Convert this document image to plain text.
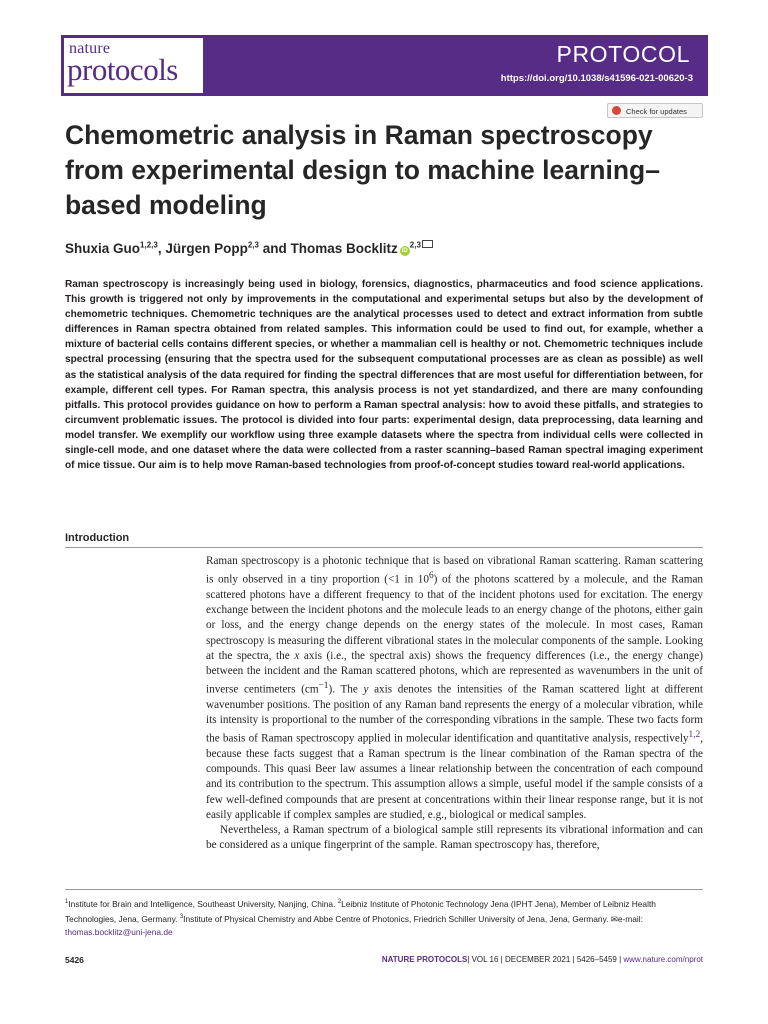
nature
protocols	PROTOCOL
https://doi.org/10.1038/s41596-021-00620-3
Check for updates
Chemometric analysis in Raman spectroscopy from experimental design to machine learning–based modeling
Shuxia Guo$^{1,2,3}$, Jürgen Popp$^{2,3}$ and Thomas Bocklitz iD$^{2,3}$

Raman spectroscopy is increasingly being used in biology, forensics, diagnostics, pharmaceutics and food science applications. This growth is triggered not only by improvements in the computational and experimental setups but also by the development of chemometric techniques. Chemometric techniques are the analytical processes used to detect and extract information from subtle differences in Raman spectra obtained from related samples. This information could be used to find out, for example, whether a mixture of bacterial cells contains different species, or whether a mammalian cell is healthy or not. Chemometric techniques include spectral processing (ensuring that the spectra used for the subsequent computational processes are as clean as possible) as well as the statistical analysis of the data required for finding the spectral differences that are most useful for differentiation between, for example, different cell types. For Raman spectra, this analysis process is not yet standardized, and there are many confounding pitfalls. This protocol provides guidance on how to perform a Raman spectral analysis: how to avoid these pitfalls, and strategies to circumvent problematic issues. The protocol is divided into four parts: experimental design, data preprocessing, data learning and model transfer. We exemplify our workflow using three example datasets where the spectra from individual cells were collected in single-cell mode, and one dataset where the data were collected from a raster scanning–based Raman spectral imaging experiment of mice tissue. Our aim is to help move Raman-based technologies from proof-of-concept studies toward real-world applications.

Introduction

Raman spectroscopy is a photonic technique that is based on vibrational Raman scattering. Raman scattering is only observed in a tiny proportion (<1 in $10^6$) of the photons scattered by a molecule, and the Raman scattered photons have a different frequency to that of the incident photons used for excitation. The energy exchange between the incident photons and the molecule leads to an energy change of the photons, either gain or loss, and the energy change depends on the energy states of the molecule. In most cases, Raman spectroscopy is measuring the different vibrational states in the molecular components of the sample. Looking at the spectra, the x axis (i.e., the spectral axis) shows the frequency differences (i.e., the energy change) between the incident and the Raman scattered photons, which are represented as wavenumbers in the unit of inverse centimeters $(cm^{-1})$. The y axis denotes the intensities of the Raman scattered light at different wavenumber positions. The position of any Raman band represents the energy of a molecular vibration, while its intensity is proportional to the number of the corresponding vibrations in the sample. These two facts form the basis of Raman spectroscopy applied in molecular identification and quantitative analysis, respectively$^{1,2}$, because these facts suggest that a Raman spectrum is the linear combination of the Raman spectra of the compounds. This quasi Beer law assumes a linear relationship between the concentration of each compound and its contribution to the spectrum. This assumption allows a simple, useful model if the sample consists of a few well-defined compounds that are present at concentrations within their linear response range, but it is not easily applicable if complex samples are studied, e.g., biological or medical samples.

Nevertheless, a Raman spectrum of a biological sample still represents its vibrational information and can be considered as a unique fingerprint of the sample. Raman spectroscopy has, therefore,

$^1$Institute for Brain and Intelligence, Southeast University, Nanjing, China. $^2$Leibniz Institute of Photonic Technology Jena (IPHT Jena), Member of Leibniz Health Technologies, Jena, Germany. $^3$Institute of Physical Chemistry and Abbe Centre of Photonics, Friedrich Schiller University of Jena, Jena, Germany. ✉e-mail: thomas.bocklitz@uni-jena.de

5426	NATURE PROTOCOLS| VOL 16 | DECEMBER 2021 | 5426–5459 | www.nature.com/nprot
